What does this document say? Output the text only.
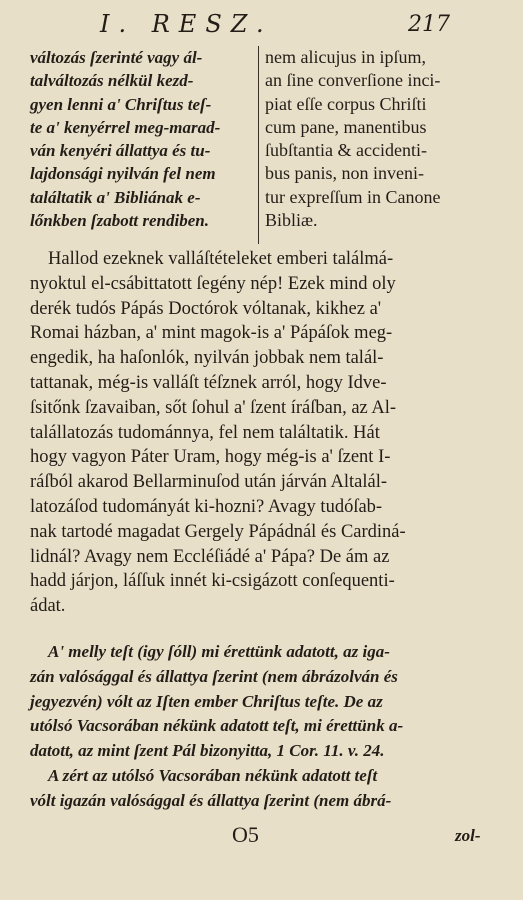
I. RESZ.	217
változás ſzerinté vagy ál-
talváltozás nélkül kezd-
gyen lenni a' Chriſtus teſ-
te a' kenyérrel meg-marad-
ván kenyéri állattya és tu-
lajdonsági nyilván fel nem
találtatik a' Bibliának e-
lőnkben ſzabott rendiben.
nem alicujus in ipſum,
an ſine converſione inci-
piat eſſe corpus Chriſti
cum pane, manentibus
ſubſtantia & accidenti-
bus panis, non inveni-
tur expreſſum in Canone
Bibliæ.
Hallod ezeknek valláſtételeket emberi találmá-
nyoktul el-csábittatott ſegény nép! Ezek mind oly
derék tudós Pápás Doctórok vóltanak, kikhez a'
Romai házban, a' mint magok-is a' Pápáſok meg-
engedik, ha haſonlók, nyilván jobbak nem talál-
tattanak, még-is valláſt téſznek arról, hogy Idve-
ſsitőnk ſzavaiban, sőt ſohul a' ſzent íráſban, az Al-
talállatozás tudománnya, fel nem találtatik. Hát
hogy vagyon Páter Uram, hogy még-is a' ſzent I-
ráſból akarod Bellarminuſod után járván Altalál-
latozáſod tudományát ki-hozni? Avagy tudóſab-
nak tartodé magadat Gergely Pápádnál és Cardiná-
lidnál? Avagy nem Eccléſiádé a' Pápa? De ám az
hadd járjon, láſſuk innét ki-csigázott conſequenti-
ádat.
A' melly teſt (igy ſóll) mi érettünk adatott, az iga-
zán valósággal és állattya ſzerint (nem ábrázolván és
jegyezvén) vólt az Iſten ember Chriſtus teſte. De az
utólsó Vacsorában nékünk adatott teſt, mi érettünk a-
datott, az mint ſzent Pál bizonyitta, 1 Cor. 11. v. 24.
A zért az utólsó Vacsorában nékünk adatott teſt
vólt igazán valósággal és állattya ſzerint (nem ábrá-
O5	zol-
